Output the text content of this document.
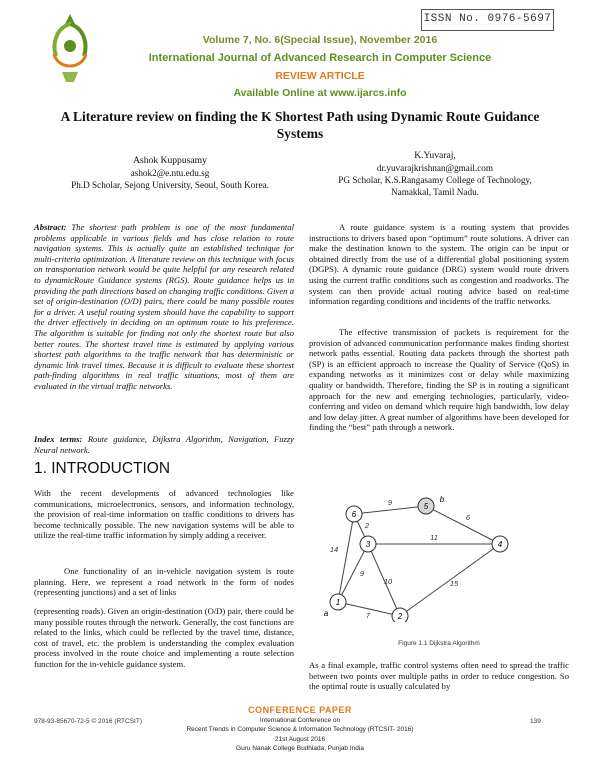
ISSN No. 0976-5697
Volume 7, No. 6(Special Issue), November 2016
International Journal of Advanced Research in Computer Science
REVIEW ARTICLE
Available Online at www.ijarcs.info
A Literature review on finding the K Shortest Path using Dynamic Route Guidance Systems
Ashok Kuppusamy
ashok2@e.ntu.edu.sg
Ph.D Scholar, Sejong University, Seoul, South Korea.
K.Yuvaraj,
dr.yuvarajkrishnan@gmail.com
PG Scholar, K.S.Rangasamy College of Technology,
Namakkal, Tamil Nadu.
Abstract: The shortest path problem is one of the most fundamental problems applicable in various fields and has close relation to route navigation systems. This is actually quite an established technique for multi-criteria optimization. A literature review on this technique with focus on transportation network would be quite helpful for any research related to dynamicRoute Guidance systems (RGS). Route guidance helps us in providing the path directions based on changing traffic conditions. Given a set of origin-destination (O/D) pairs, there could be many possible routes for a driver. A useful routing system should have the capability to support the driver effectively in deciding on an optimum route to his preference. The algorithm is suitable for finding not only the shortest route but also better routes. The shortest travel time is estimated by applying various shortest path algorithms to the traffic network that has deterministic or dynamic link travel times. Because it is difficult to evaluate these shortest path-finding algorithms in real traffic situations, most of them are evaluated in the virtual traffic networks.
Index terms: Route guidance, Dijkstra Algorithm, Navigation, Fuzzy Neural network.
1. INTRODUCTION
With the recent developments of advanced technologies like communications, microelectronics, sensors, and information technology, the provision of real-time information on traffic conditions to drivers has become technically possible. The new navigation systems will be able to utilize the real-time traffic information by simply adding a receiver.
One functionality of an in-vehicle navigation system is route planning. Here, we represent a road network in the form of nodes (representing junctions) and a set of links
(representing roads). Given an origin-destination (O/D) pair, there could be many possible routes through the network. Generally, the cost functions are related to the links, which could be reflected by the travel time, distance, cost of travel, etc. the problem is understanding the complex evaluation process involved in the route choice and implementing a route selection function for the in-vehicle guidance system.
A route guidance system is a routing system that provides instructions to drivers based upon “optimum” route solutions. A driver can make the destination known to the system. The origin can be input or obtained directly from the use of a differential global positioning system (DGPS). A dynamic route guidance (DRG) system would route drivers using the current traffic conditions such as congestion and roadworks. The system can then provide actual routing advice based on real-time information regarding conditions and incidents of the traffic networks.
The effective transmission of packets is requirement for the provision of advanced communication performance makes finding shortest network paths essential. Routing data packets through the shortest path (SP) is an efficient approach to increase the Quality of Service (QoS) in expanding networks as it minimizes cost or delay while maximizing quality or bandwidth. Therefore, finding the SP is in routing a significant approach for the new and emerging technologies, particularly, video-conferring and video on demand which require high bandwidth, low delay and low delay jitter. A great number of algorithms have been developed for finding the “best” path through a network.
1
2
3	4
5
6
a
b
9
6
14
9
2
11
10	15
7
Figure 1.1 Dijkstra Algorithm
As a final example, traffic control systems often need to spread the traffic between two points over multiple paths in order to reduce congestion. So the optimal route is usually calculated by
CONFERENCE PAPER
International Conference on
Recent Trends in Computer Science & Information Technology (RTCSIT- 2016)
21st August 2016
Guru Nanak College Budhlada, Punjab India
978-93-85670-72-5 © 2016 (RTCSIT)	139
